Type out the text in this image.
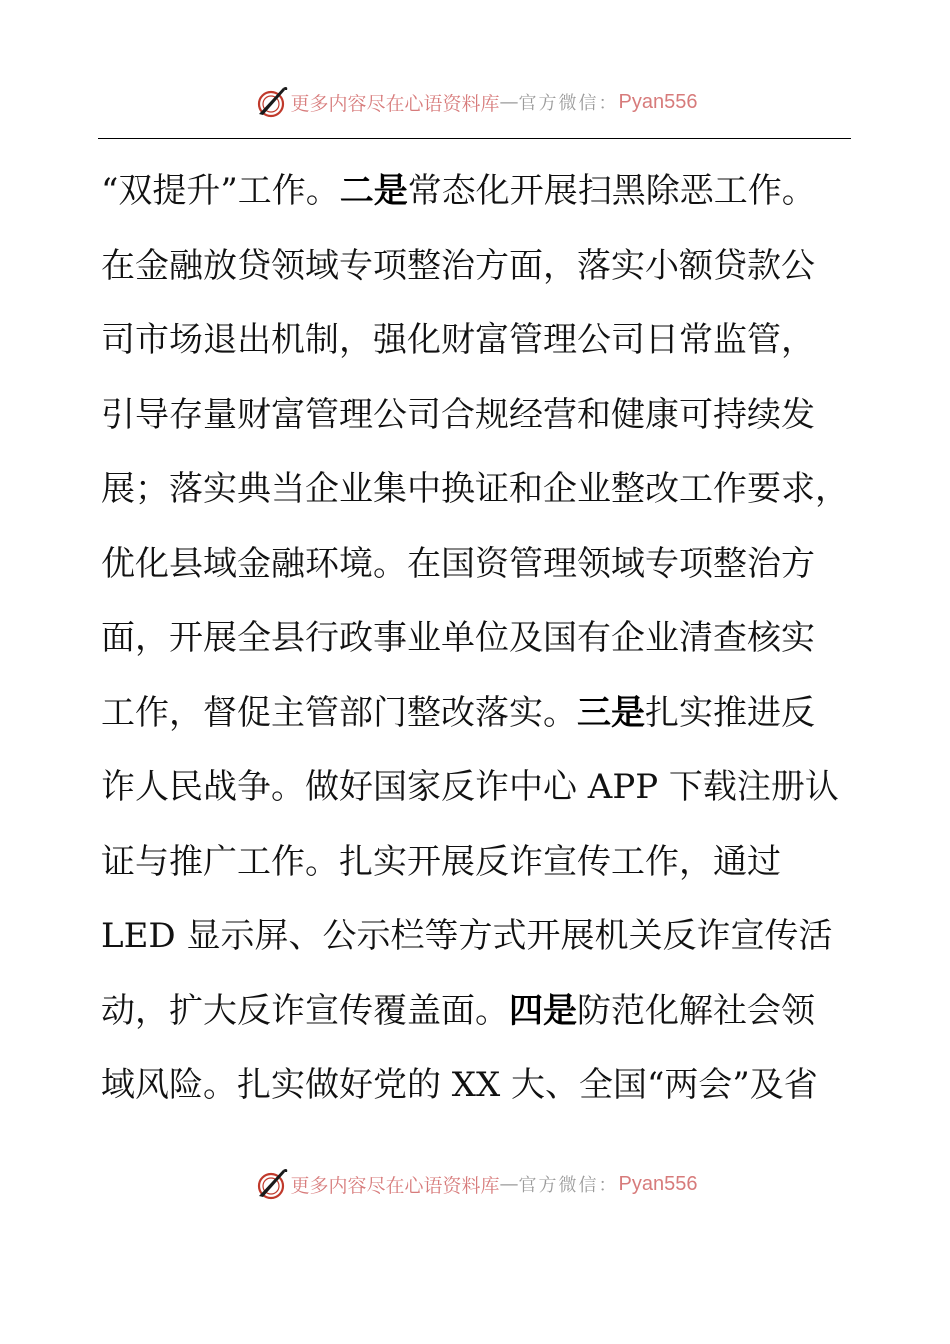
更多内容尽在心语资料库 — 官方微信： Pyan556
“双提升”工作。二是常态化开展扫黑除恶工作。
在金融放贷领域专项整治方面，落实小额贷款公
司市场退出机制，强化财富管理公司日常监管，
引导存量财富管理公司合规经营和健康可持续发
展；落实典当企业集中换证和企业整改工作要求，
优化县域金融环境。在国资管理领域专项整治方
面，开展全县行政事业单位及国有企业清查核实
工作，督促主管部门整改落实。三是扎实推进反
诈人民战争。做好国家反诈中心 APP 下载注册认
证与推广工作。扎实开展反诈宣传工作，通过
LED 显示屏、公示栏等方式开展机关反诈宣传活
动，扩大反诈宣传覆盖面。四是防范化解社会领
域风险。扎实做好党的 XX 大、全国“两会”及省
更多内容尽在心语资料库 — 官方微信： Pyan556
